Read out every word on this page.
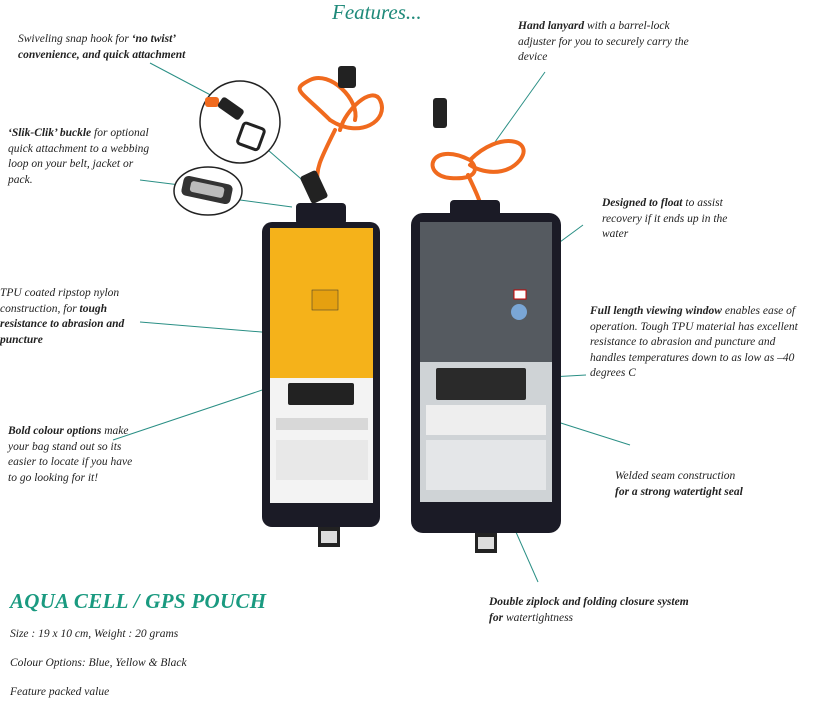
Features...
Swiveling snap hook for ‘no twist’
convenience, and quick attachment
‘Slik-Clik’ buckle for optional quick attachment to a webbing loop on your belt, jacket or pack.
TPU coated ripstop nylon construction, for tough resistance to abrasion and puncture
Bold colour options make your bag stand out so its easier to locate if you have to go looking for it!
Hand lanyard with a barrel-lock adjuster for you to securely carry the device
Designed to float to assist recovery if it ends up in the water
Full length viewing window enables ease of operation. Tough TPU material has excellent resistance to abrasion and puncture and handles temperatures down to as low as –40 degrees C
Welded seam construction
for a strong watertight seal
Double ziplock and folding closure system for watertightness
AQUA CELL / GPS POUCH
Size : 19 x 10 cm, Weight : 20 grams
Colour Options: Blue, Yellow & Black
Feature packed value
